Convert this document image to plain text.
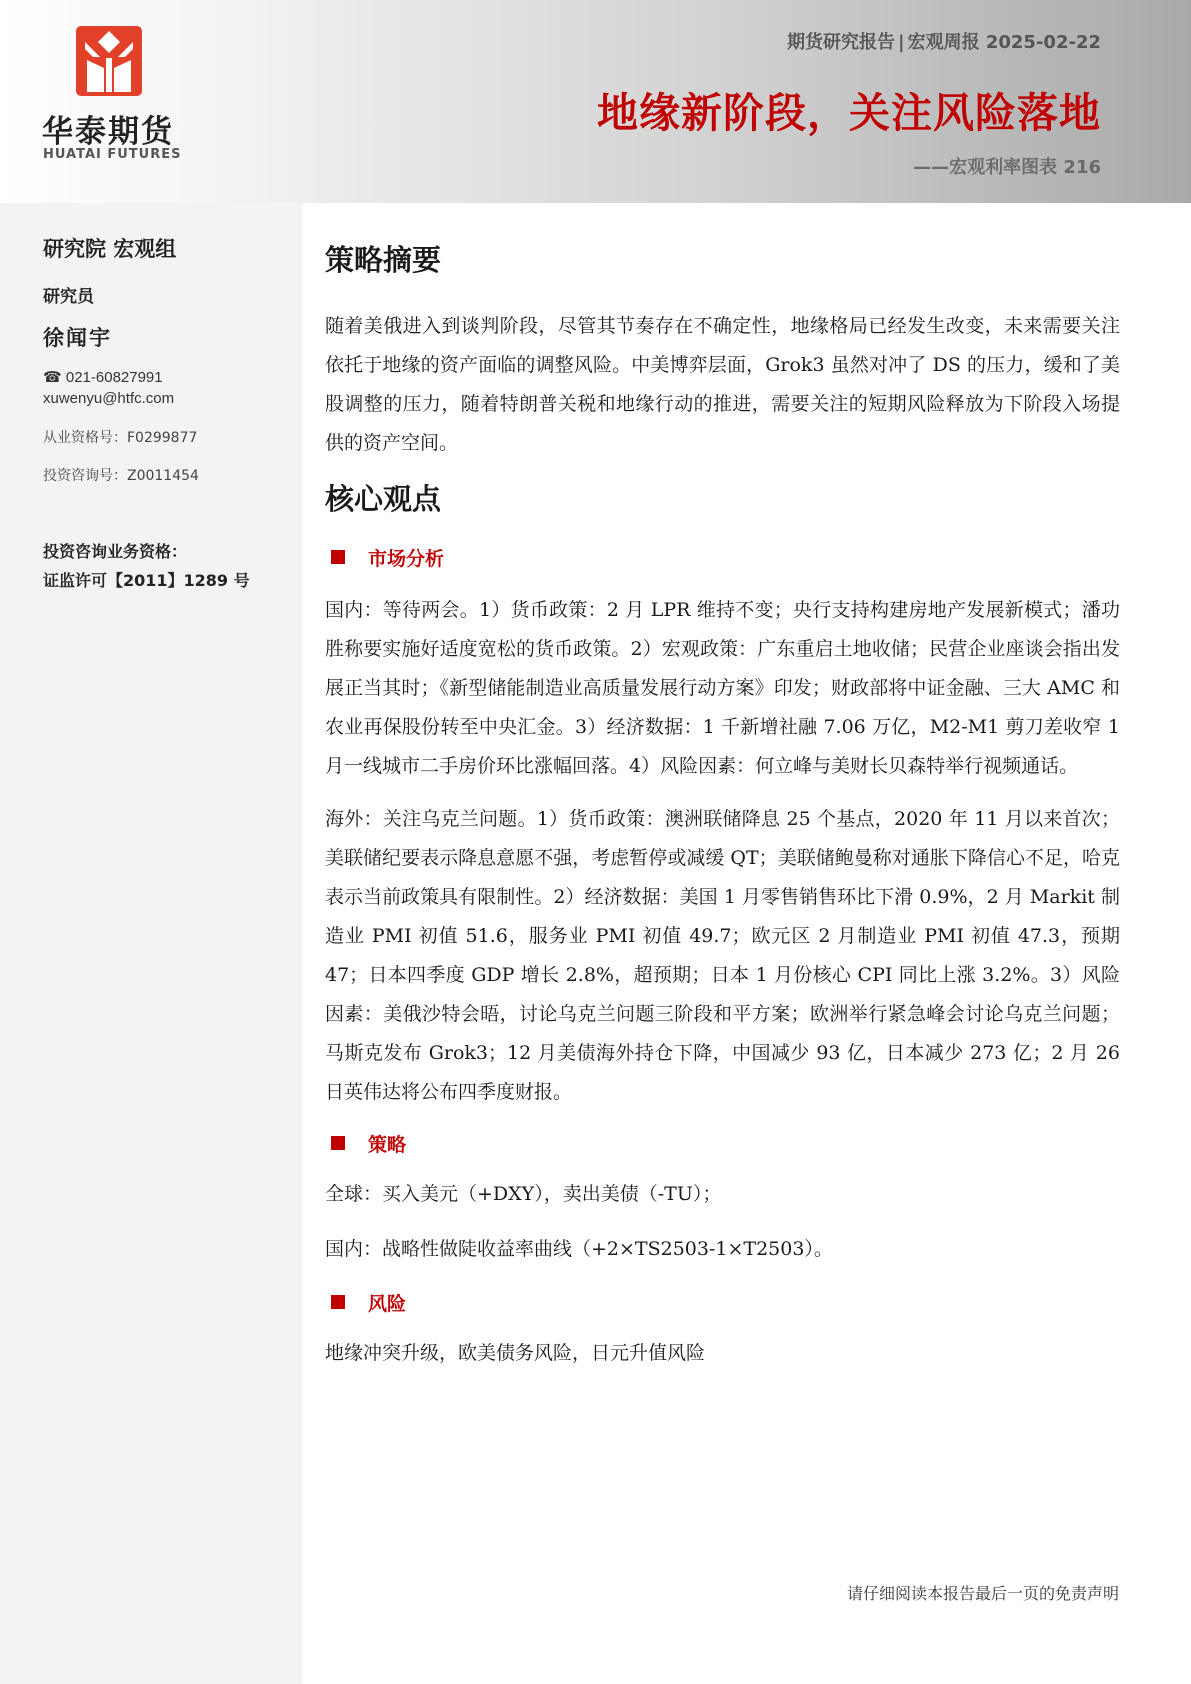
华泰期货
HUATAI FUTURES
期货研究报告 | 宏观周报 2025-02-22
地缘新阶段，关注风险落地
——宏观利率图表 216
研究院 宏观组
研究员
徐闻宇
☎ 021-60827991
xuwenyu@htfc.com
从业资格号：F0299877
投资咨询号：Z0011454
投资咨询业务资格：
证监许可【2011】1289 号
策略摘要

随着美俄进入到谈判阶段，尽管其节奏存在不确定性，地缘格局已经发生改变，未来需要关注依托于地缘的资产面临的调整风险。中美博弈层面，Grok3 虽然对冲了 DS 的压力，缓和了美股调整的压力，随着特朗普关税和地缘行动的推进，需要关注的短期风险释放为下阶段入场提供的资产空间。

核心观点
市场分析

国内：等待两会。1）货币政策：2 月 LPR 维持不变；央行支持构建房地产发展新模式；潘功胜称要实施好适度宽松的货币政策。2）宏观政策：广东重启土地收储；民营企业座谈会指出发展正当其时；《新型储能制造业高质量发展行动方案》印发；财政部将中证金融、三大 AMC 和农业再保股份转至中央汇金。3）经济数据：1 千新增社融 7.06 万亿，M2-M1 剪刀差收窄 1 月一线城市二手房价环比涨幅回落。4）风险因素：何立峰与美财长贝森特举行视频通话。

海外：关注乌克兰问题。1）货币政策：澳洲联储降息 25 个基点，2020 年 11 月以来首次；美联储纪要表示降息意愿不强，考虑暂停或减缓 QT；美联储鲍曼称对通胀下降信心不足，哈克表示当前政策具有限制性。2）经济数据：美国 1 月零售销售环比下滑 0.9%，2 月 Markit 制造业 PMI 初值 51.6，服务业 PMI 初值 49.7；欧元区 2 月制造业 PMI 初值 47.3，预期 47；日本四季度 GDP 增长 2.8%，超预期；日本 1 月份核心 CPI 同比上涨 3.2%。3）风险因素：美俄沙特会晤，讨论乌克兰问题三阶段和平方案；欧洲举行紧急峰会讨论乌克兰问题；马斯克发布 Grok3；12 月美债海外持仓下降，中国减少 93 亿，日本减少 273 亿；2 月 26 日英伟达将公布四季度财报。

策略

全球：买入美元（+DXY），卖出美债（-TU）；

国内：战略性做陡收益率曲线（+2×TS2503-1×T2503）。

风险

地缘冲突升级，欧美债务风险，日元升值风险

请仔细阅读本报告最后一页的免责声明
